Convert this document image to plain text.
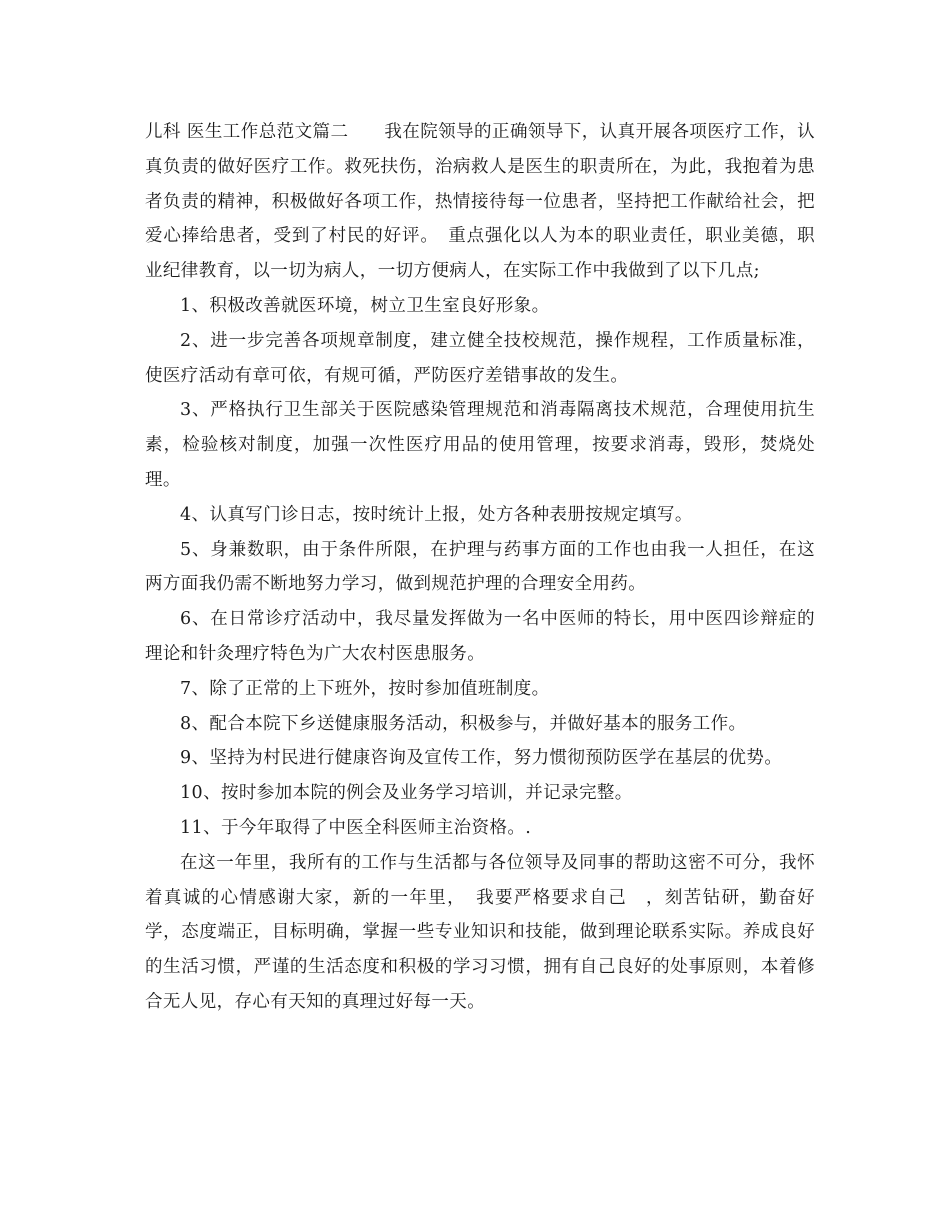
儿科 医生工作总范文篇二　　我在院领导的正确领导下，认真开展各项医疗工作，认真负责的做好医疗工作。救死扶伤，治病救人是医生的职责所在，为此，我抱着为患者负责的精神，积极做好各项工作，热情接待每一位患者，坚持把工作献给社会，把爱心捧给患者，受到了村民的好评。　重点强化以人为本的职业责任，职业美德，职业纪律教育，以一切为病人，一切方便病人，在实际工作中我做到了以下几点;

1、积极改善就医环境，树立卫生室良好形象。

2、进一步完善各项规章制度，建立健全技校规范，操作规程，工作质量标准，使医疗活动有章可依，有规可循，严防医疗差错事故的发生。

3、严格执行卫生部关于医院感染管理规范和消毒隔离技术规范，合理使用抗生素，检验核对制度，加强一次性医疗用品的使用管理，按要求消毒，毁形，焚烧处理。

4、认真写门诊日志，按时统计上报，处方各种表册按规定填写。

5、身兼数职，由于条件所限，在护理与药事方面的工作也由我一人担任，在这两方面我仍需不断地努力学习，做到规范护理的合理安全用药。

6、在日常诊疗活动中，我尽量发挥做为一名中医师的特长，用中医四诊辩症的理论和针灸理疗特色为广大农村医患服务。

7、除了正常的上下班外，按时参加值班制度。

8、配合本院下乡送健康服务活动，积极参与，并做好基本的服务工作。

9、坚持为村民进行健康咨询及宣传工作，努力惯彻预防医学在基层的优势。

10、按时参加本院的例会及业务学习培训，并记录完整。

11、于今年取得了中医全科医师主治资格。.

在这一年里，我所有的工作与生活都与各位领导及同事的帮助这密不可分，我怀着真诚的心情感谢大家，新的一年里，　我要严格要求自己　，刻苦钻研，勤奋好学，态度端正，目标明确，掌握一些专业知识和技能，做到理论联系实际。养成良好的生活习惯，严谨的生活态度和积极的学习习惯，拥有自己良好的处事原则，本着修合无人见，存心有天知的真理过好每一天。
